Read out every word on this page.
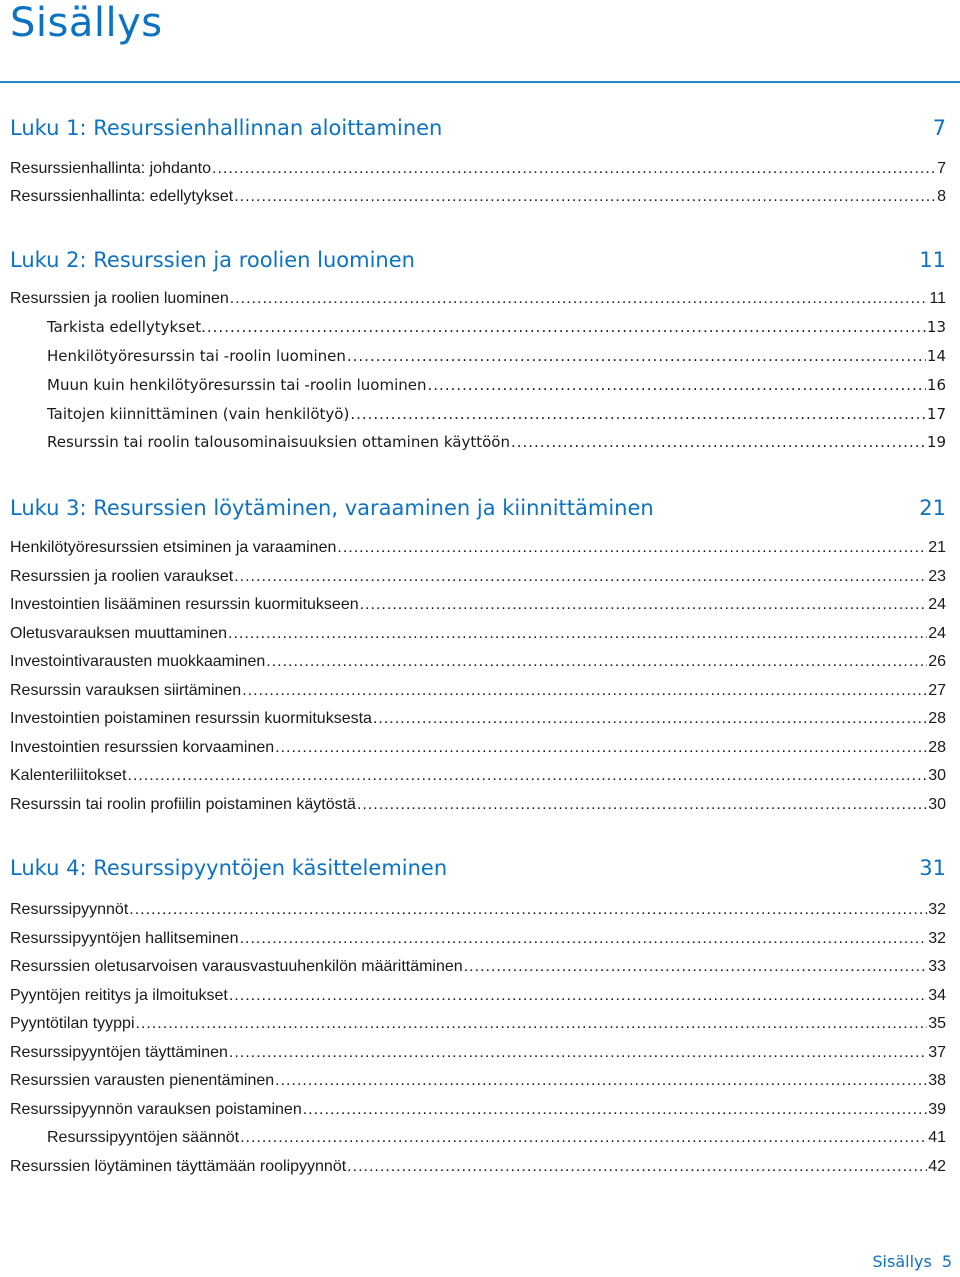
Sisällys
Luku 1: Resurssienhallinnan aloittaminen	7
Resurssienhallinta: johdanto .....	7
Resurssienhallinta: edellytykset .....	8
Luku 2: Resurssien ja roolien luominen	11
Resurssien ja roolien luominen .....	11
Tarkista edellytykset. .....	13
Henkilötyöresurssin tai -roolin luominen .....	14
Muun kuin henkilötyöresurssin tai -roolin luominen .....	16
Taitojen kiinnittäminen (vain henkilötyö) .....	17
Resurssin tai roolin talousominaisuuksien ottaminen käyttöön .....	19
Luku 3: Resurssien löytäminen, varaaminen ja kiinnittäminen	21
Henkilötyöresurssien etsiminen ja varaaminen .....	21
Resurssien ja roolien varaukset .....	23
Investointien lisääminen resurssin kuormitukseen .....	24
Oletusvarauksen muuttaminen .....	24
Investointivarausten muokkaaminen .....	26
Resurssin varauksen siirtäminen .....	27
Investointien poistaminen resurssin kuormituksesta .....	28
Investointien resurssien korvaaminen .....	28
Kalenteriliitokset .....	30
Resurssin tai roolin profiilin poistaminen käytöstä .....	30
Luku 4: Resurssipyyntöjen käsitteleminen	31
Resurssipyynnöt .....	32
Resurssipyyntöjen hallitseminen .....	32
Resurssien oletusarvoisen varausvastuuhenkilön määrittäminen .....	33
Pyyntöjen reititys ja ilmoitukset .....	34
Pyyntötilan tyyppi .....	35
Resurssipyyntöjen täyttäminen .....	37
Resurssien varausten pienentäminen .....	38
Resurssipyynnön varauksen poistaminen .....	39
Resurssipyyntöjen säännöt .....	41
Resurssien löytäminen täyttämään roolipyynnöt .....	42
Sisällys 5
